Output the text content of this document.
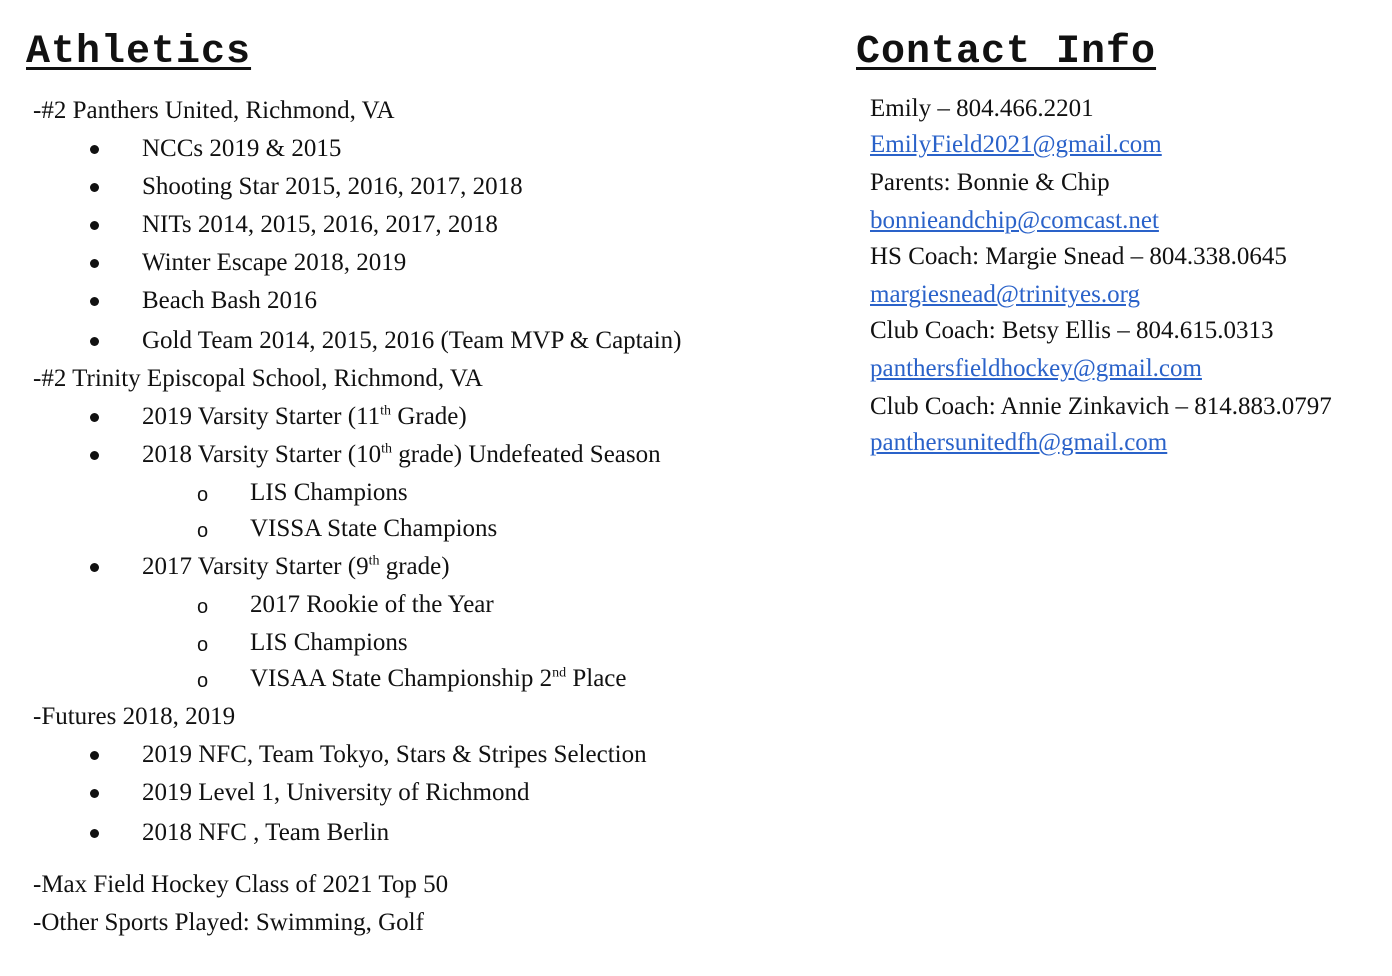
Athletics

-#2 Panthers United, Richmond, VA

NCCs 2019 & 2015

Shooting Star 2015, 2016, 2017, 2018

NITs 2014, 2015, 2016, 2017, 2018

Winter Escape 2018, 2019

Beach Bash 2016

Gold Team 2014, 2015, 2016 (Team MVP & Captain)

-#2 Trinity Episcopal School, Richmond, VA

2019 Varsity Starter (11th Grade)

2018 Varsity Starter (10th grade) Undefeated Season

o LIS Champions

o VISSA State Champions

2017 Varsity Starter (9th grade)

o 2017 Rookie of the Year

o LIS Champions

o VISAA State Championship 2nd Place

-Futures 2018, 2019

2019 NFC, Team Tokyo, Stars & Stripes Selection

2019 Level 1, University of Richmond

2018 NFC , Team Berlin

-Max Field Hockey Class of 2021 Top 50

-Other Sports Played: Swimming, Golf

Contact Info

Emily – 804.466.2201

EmilyField2021@gmail.com

Parents: Bonnie & Chip

bonnieandchip@comcast.net

HS Coach: Margie Snead – 804.338.0645

margiesnead@trinityes.org

Club Coach: Betsy Ellis – 804.615.0313

panthersfieldhockey@gmail.com

Club Coach: Annie Zinkavich – 814.883.0797

panthersunitedfh@gmail.com
